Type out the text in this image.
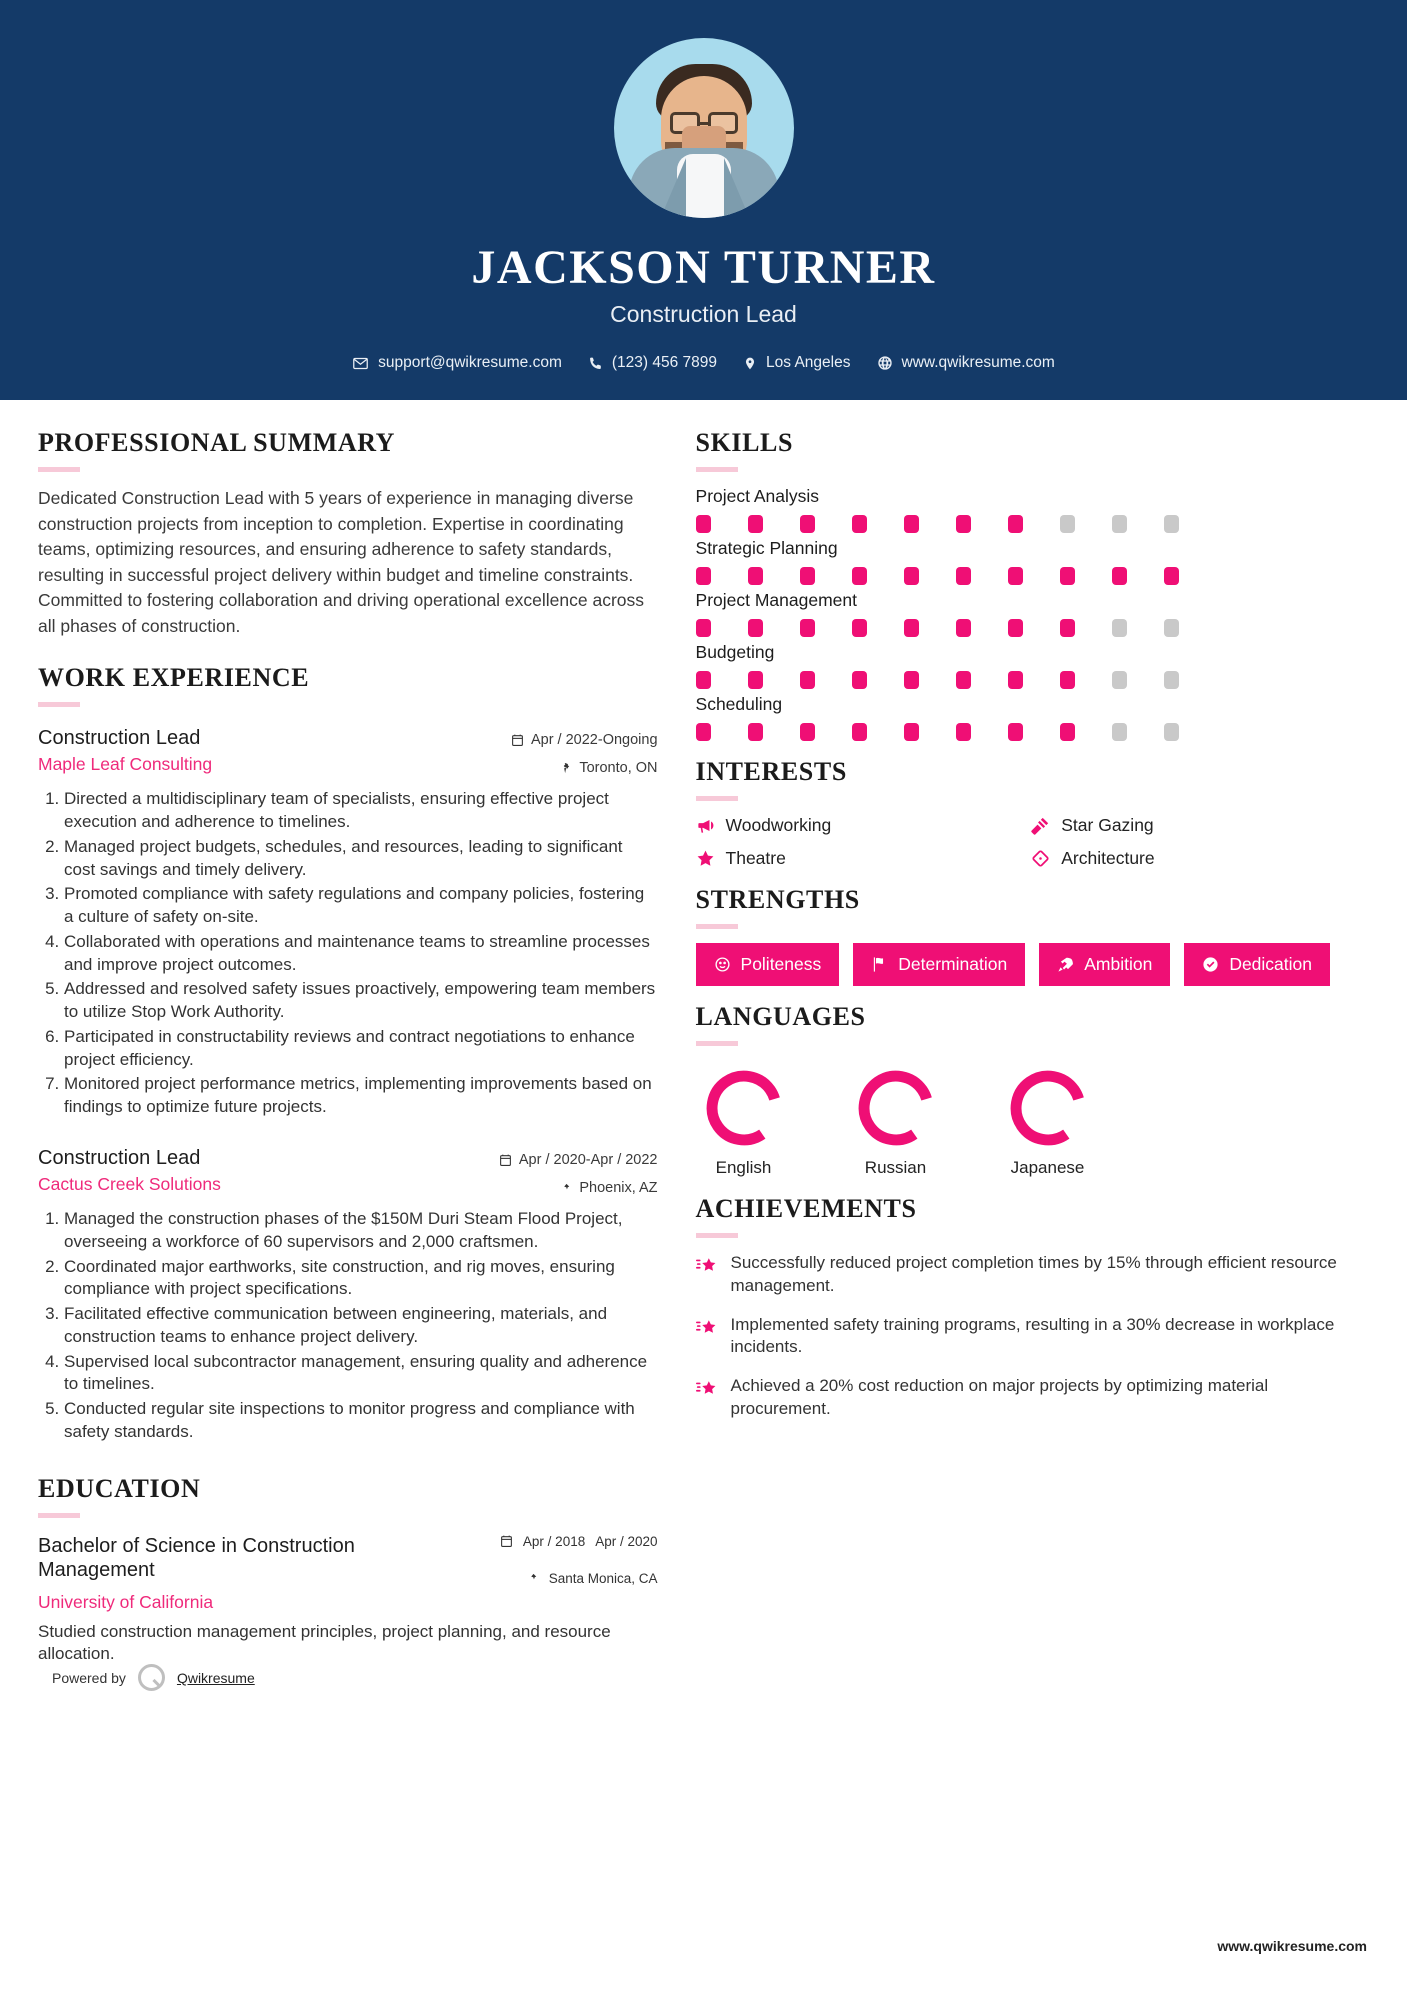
JACKSON TURNER
Construction Lead
support@qwikresume.com	(123) 456 7899	Los Angeles	www.qwikresume.com
PROFESSIONAL SUMMARY
Dedicated Construction Lead with 5 years of experience in managing diverse construction projects from inception to completion. Expertise in coordinating teams, optimizing resources, and ensuring adherence to safety standards, resulting in successful project delivery within budget and timeline constraints. Committed to fostering collaboration and driving operational excellence across all phases of construction.
WORK EXPERIENCE
Construction Lead
Maple Leaf Consulting
Apr / 2022-Ongoing
Toronto, ON
1. Directed a multidisciplinary team of specialists, ensuring effective project execution and adherence to timelines.
2. Managed project budgets, schedules, and resources, leading to significant cost savings and timely delivery.
3. Promoted compliance with safety regulations and company policies, fostering a culture of safety on-site.
4. Collaborated with operations and maintenance teams to streamline processes and improve project outcomes.
5. Addressed and resolved safety issues proactively, empowering team members to utilize Stop Work Authority.
6. Participated in constructability reviews and contract negotiations to enhance project efficiency.
7. Monitored project performance metrics, implementing improvements based on findings to optimize future projects.
Construction Lead
Cactus Creek Solutions
Apr / 2020-Apr / 2022
Phoenix, AZ
1. Managed the construction phases of the $150M Duri Steam Flood Project, overseeing a workforce of 60 supervisors and 2,000 craftsmen.
2. Coordinated major earthworks, site construction, and rig moves, ensuring compliance with project specifications.
3. Facilitated effective communication between engineering, materials, and construction teams to enhance project delivery.
4. Supervised local subcontractor management, ensuring quality and adherence to timelines.
5. Conducted regular site inspections to monitor progress and compliance with safety standards.
EDUCATION
Bachelor of Science in Construction Management
University of California
Apr / 2018 Apr / 2020
Santa Monica, CA
Studied construction management principles, project planning, and resource allocation.
Powered by	Qwikresume
SKILLS
Project Analysis
Strategic Planning
Project Management
Budgeting
Scheduling
INTERESTS
Woodworking	Star Gazing
Theatre	Architecture
STRENGTHS
Politeness	Determination	Ambition	Dedication
LANGUAGES
English	Russian	Japanese
ACHIEVEMENTS
Successfully reduced project completion times by 15% through efficient resource management.
Implemented safety training programs, resulting in a 30% decrease in workplace incidents.
Achieved a 20% cost reduction on major projects by optimizing material procurement.
www.qwikresume.com
